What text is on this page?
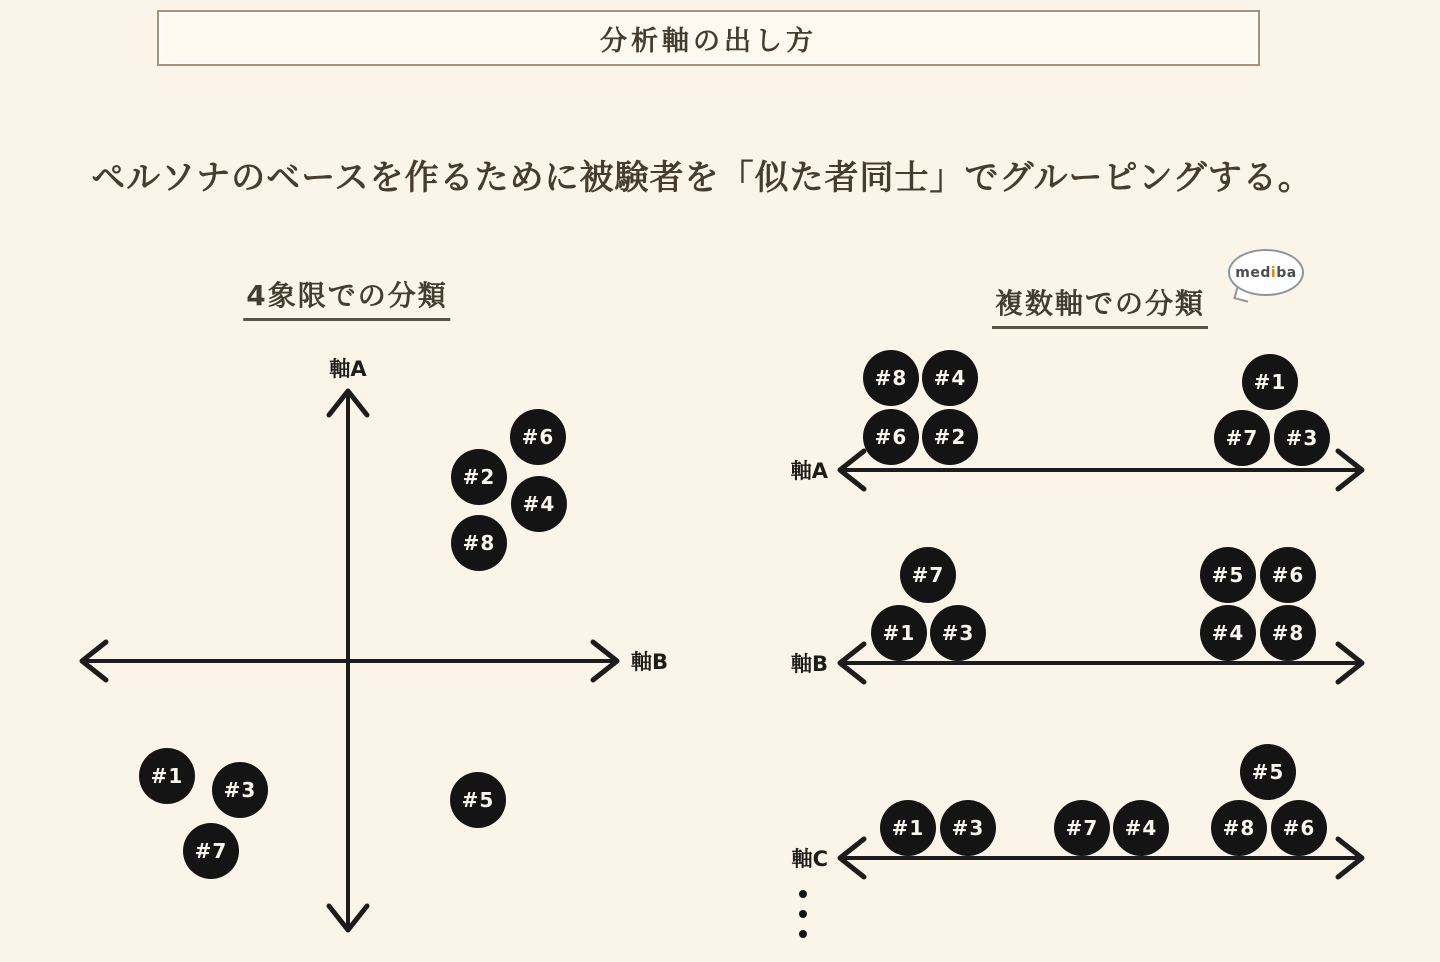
分析軸の出し方
ペルソナのベースを作るために被験者を「似た者同士」でグルーピングする。
4象限での分類	複数軸での分類
med i ba
軸A
軸B
#6
#2
#4
#8
#1
#3
#7
#5
軸A
#8	#4
#6	#2
#1
#7	#3
軸B
#7
#1	#3
#5	#6
#4	#8
軸C
#1	#3	#7	#4
#5
#8	#6
